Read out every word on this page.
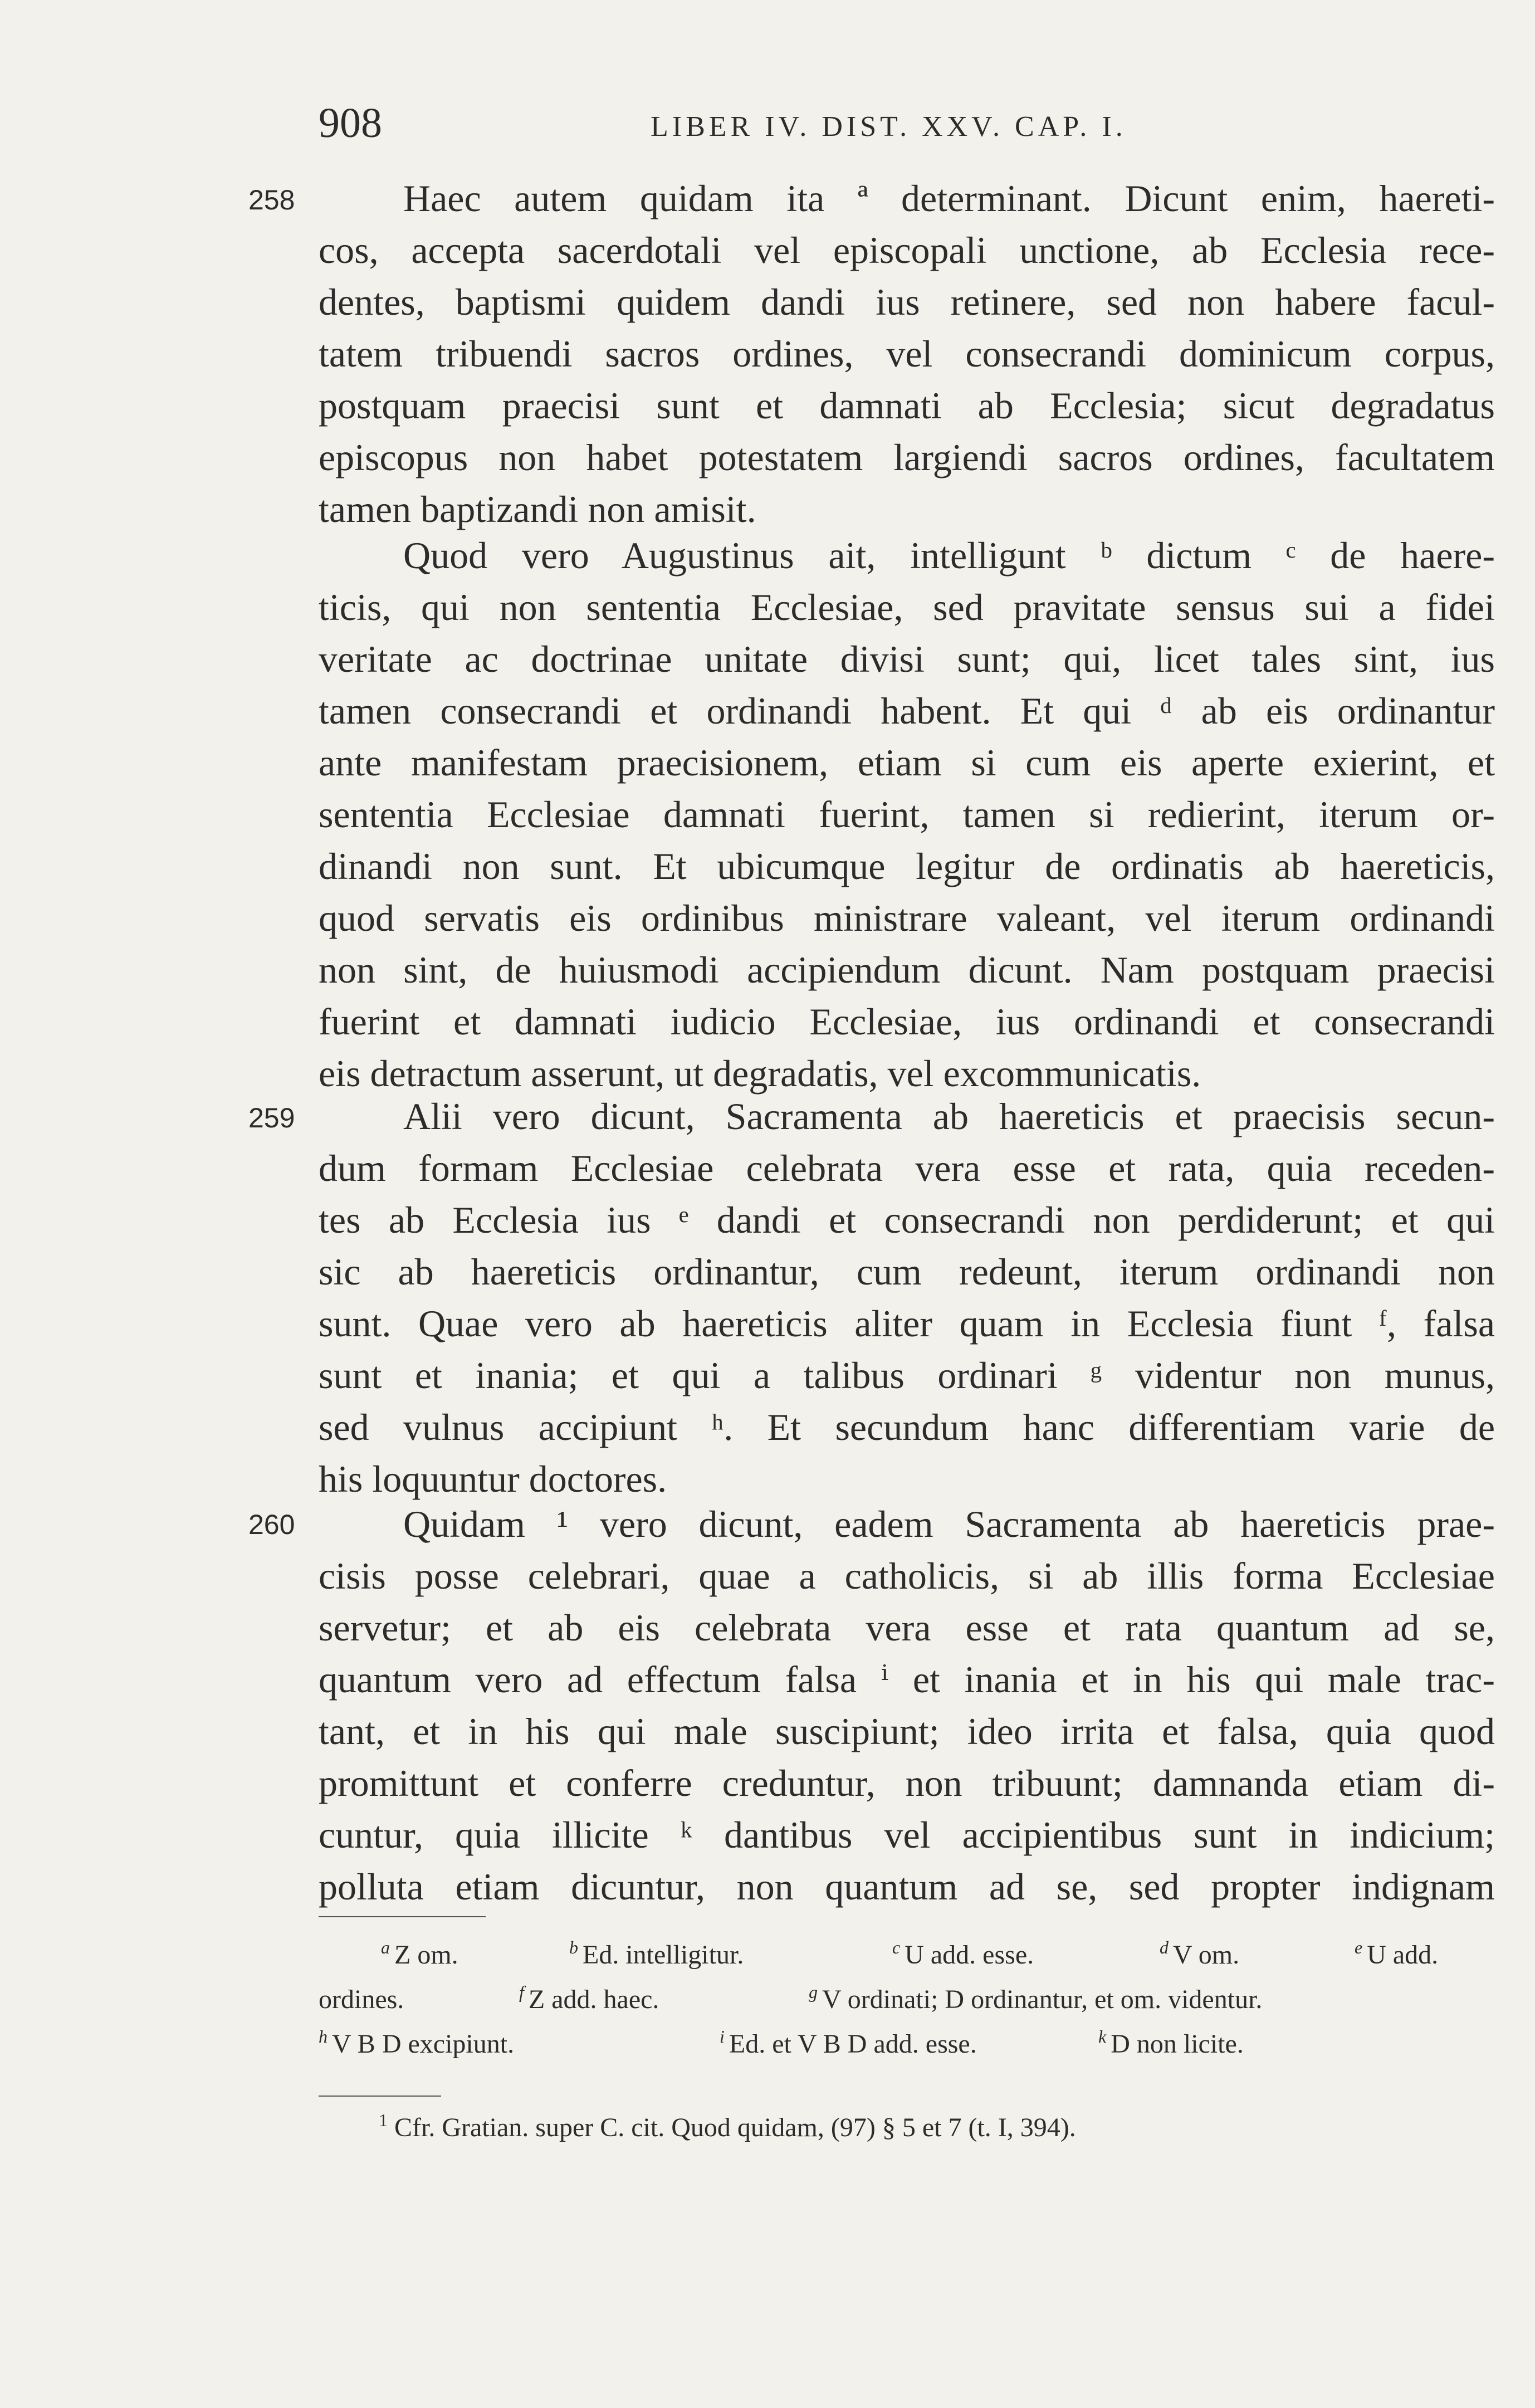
908	LIBER IV. DIST. XXV. CAP. I.
258
259
260
Haec autem quidam ita ª determinant. Dicunt enim, haereti-
cos, accepta sacerdotali vel episcopali unctione, ab Ecclesia rece-
dentes, baptismi quidem dandi ius retinere, sed non habere facul-
tatem tribuendi sacros ordines, vel consecrandi dominicum corpus,
postquam praecisi sunt et damnati ab Ecclesia; sicut degradatus
episcopus non habet potestatem largiendi sacros ordines, facultatem
tamen baptizandi non amisit.
Quod vero Augustinus ait, intelligunt ᵇ dictum ᶜ de haere-
ticis, qui non sententia Ecclesiae, sed pravitate sensus sui a fidei
veritate ac doctrinae unitate divisi sunt; qui, licet tales sint, ius
tamen consecrandi et ordinandi habent. Et qui ᵈ ab eis ordinantur
ante manifestam praecisionem, etiam si cum eis aperte exierint, et
sententia Ecclesiae damnati fuerint, tamen si redierint, iterum or-
dinandi non sunt. Et ubicumque legitur de ordinatis ab haereticis,
quod servatis eis ordinibus ministrare valeant, vel iterum ordinandi
non sint, de huiusmodi accipiendum dicunt. Nam postquam praecisi
fuerint et damnati iudicio Ecclesiae, ius ordinandi et consecrandi
eis detractum asserunt, ut degradatis, vel excommunicatis.
Alii vero dicunt, Sacramenta ab haereticis et praecisis secun-
dum formam Ecclesiae celebrata vera esse et rata, quia receden-
tes ab Ecclesia ius ᵉ dandi et consecrandi non perdiderunt; et qui
sic ab haereticis ordinantur, cum redeunt, iterum ordinandi non
sunt. Quae vero ab haereticis aliter quam in Ecclesia fiunt ᶠ, falsa
sunt et inania; et qui a talibus ordinari ᵍ videntur non munus,
sed vulnus accipiunt ʰ. Et secundum hanc differentiam varie de
his loquuntur doctores.
Quidam ¹ vero dicunt, eadem Sacramenta ab haereticis prae-
cisis posse celebrari, quae a catholicis, si ab illis forma Ecclesiae
servetur; et ab eis celebrata vera esse et rata quantum ad se,
quantum vero ad effectum falsa ⁱ et inania et in his qui male trac-
tant, et in his qui male suscipiunt; ideo irrita et falsa, quia quod
promittunt et conferre creduntur, non tribuunt; damnanda etiam di-
cuntur, quia illicite ᵏ dantibus vel accipientibus sunt in indicium;
polluta etiam dicuntur, non quantum ad se, sed propter indignam
$^a$ Z om.	$^b$ Ed. intelligitur.	$^c$ U add. esse.	$^d$ V om.	$^e$ U add.
ordines.	$^f$ Z add. haec.	$^g$ V ordinati; D ordinantur, et om. videntur.
$^h$ V B D excipiunt.	$^i$ Ed. et V B D add. esse.	$^k$ D non licite.
$^1$ Cfr. Gratian. super C. cit. Quod quidam, (97) § 5 et 7 (t. I, 394).
